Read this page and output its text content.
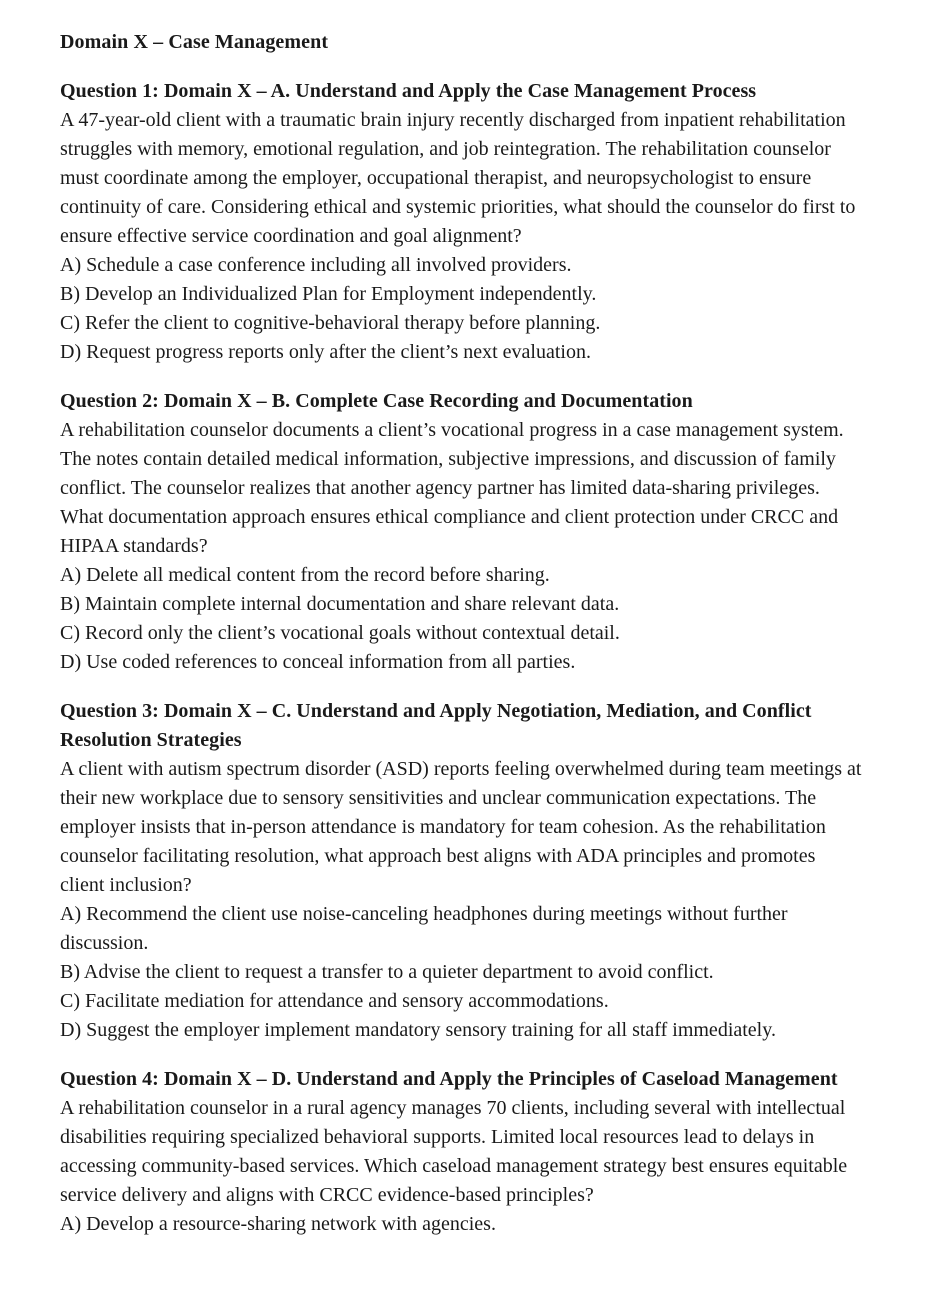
Domain X – Case Management
Question 1: Domain X – A. Understand and Apply the Case Management Process

A 47-year-old client with a traumatic brain injury recently discharged from inpatient rehabilitation struggles with memory, emotional regulation, and job reintegration. The rehabilitation counselor must coordinate among the employer, occupational therapist, and neuropsychologist to ensure continuity of care. Considering ethical and systemic priorities, what should the counselor do first to ensure effective service coordination and goal alignment?

A) Schedule a case conference including all involved providers.
B) Develop an Individualized Plan for Employment independently.
C) Refer the client to cognitive-behavioral therapy before planning.
D) Request progress reports only after the client’s next evaluation.
Question 2: Domain X – B. Complete Case Recording and Documentation

A rehabilitation counselor documents a client’s vocational progress in a case management system. The notes contain detailed medical information, subjective impressions, and discussion of family conflict. The counselor realizes that another agency partner has limited data-sharing privileges. What documentation approach ensures ethical compliance and client protection under CRCC and HIPAA standards?

A) Delete all medical content from the record before sharing.
B) Maintain complete internal documentation and share relevant data.
C) Record only the client’s vocational goals without contextual detail.
D) Use coded references to conceal information from all parties.
Question 3: Domain X – C. Understand and Apply Negotiation, Mediation, and Conflict Resolution Strategies

A client with autism spectrum disorder (ASD) reports feeling overwhelmed during team meetings at their new workplace due to sensory sensitivities and unclear communication expectations. The employer insists that in-person attendance is mandatory for team cohesion. As the rehabilitation counselor facilitating resolution, what approach best aligns with ADA principles and promotes client inclusion?

A) Recommend the client use noise-canceling headphones during meetings without further discussion.
B) Advise the client to request a transfer to a quieter department to avoid conflict.
C) Facilitate mediation for attendance and sensory accommodations.
D) Suggest the employer implement mandatory sensory training for all staff immediately.
Question 4: Domain X – D. Understand and Apply the Principles of Caseload Management

A rehabilitation counselor in a rural agency manages 70 clients, including several with intellectual disabilities requiring specialized behavioral supports. Limited local resources lead to delays in accessing community-based services. Which caseload management strategy best ensures equitable service delivery and aligns with CRCC evidence-based principles?

A) Develop a resource-sharing network with agencies.
